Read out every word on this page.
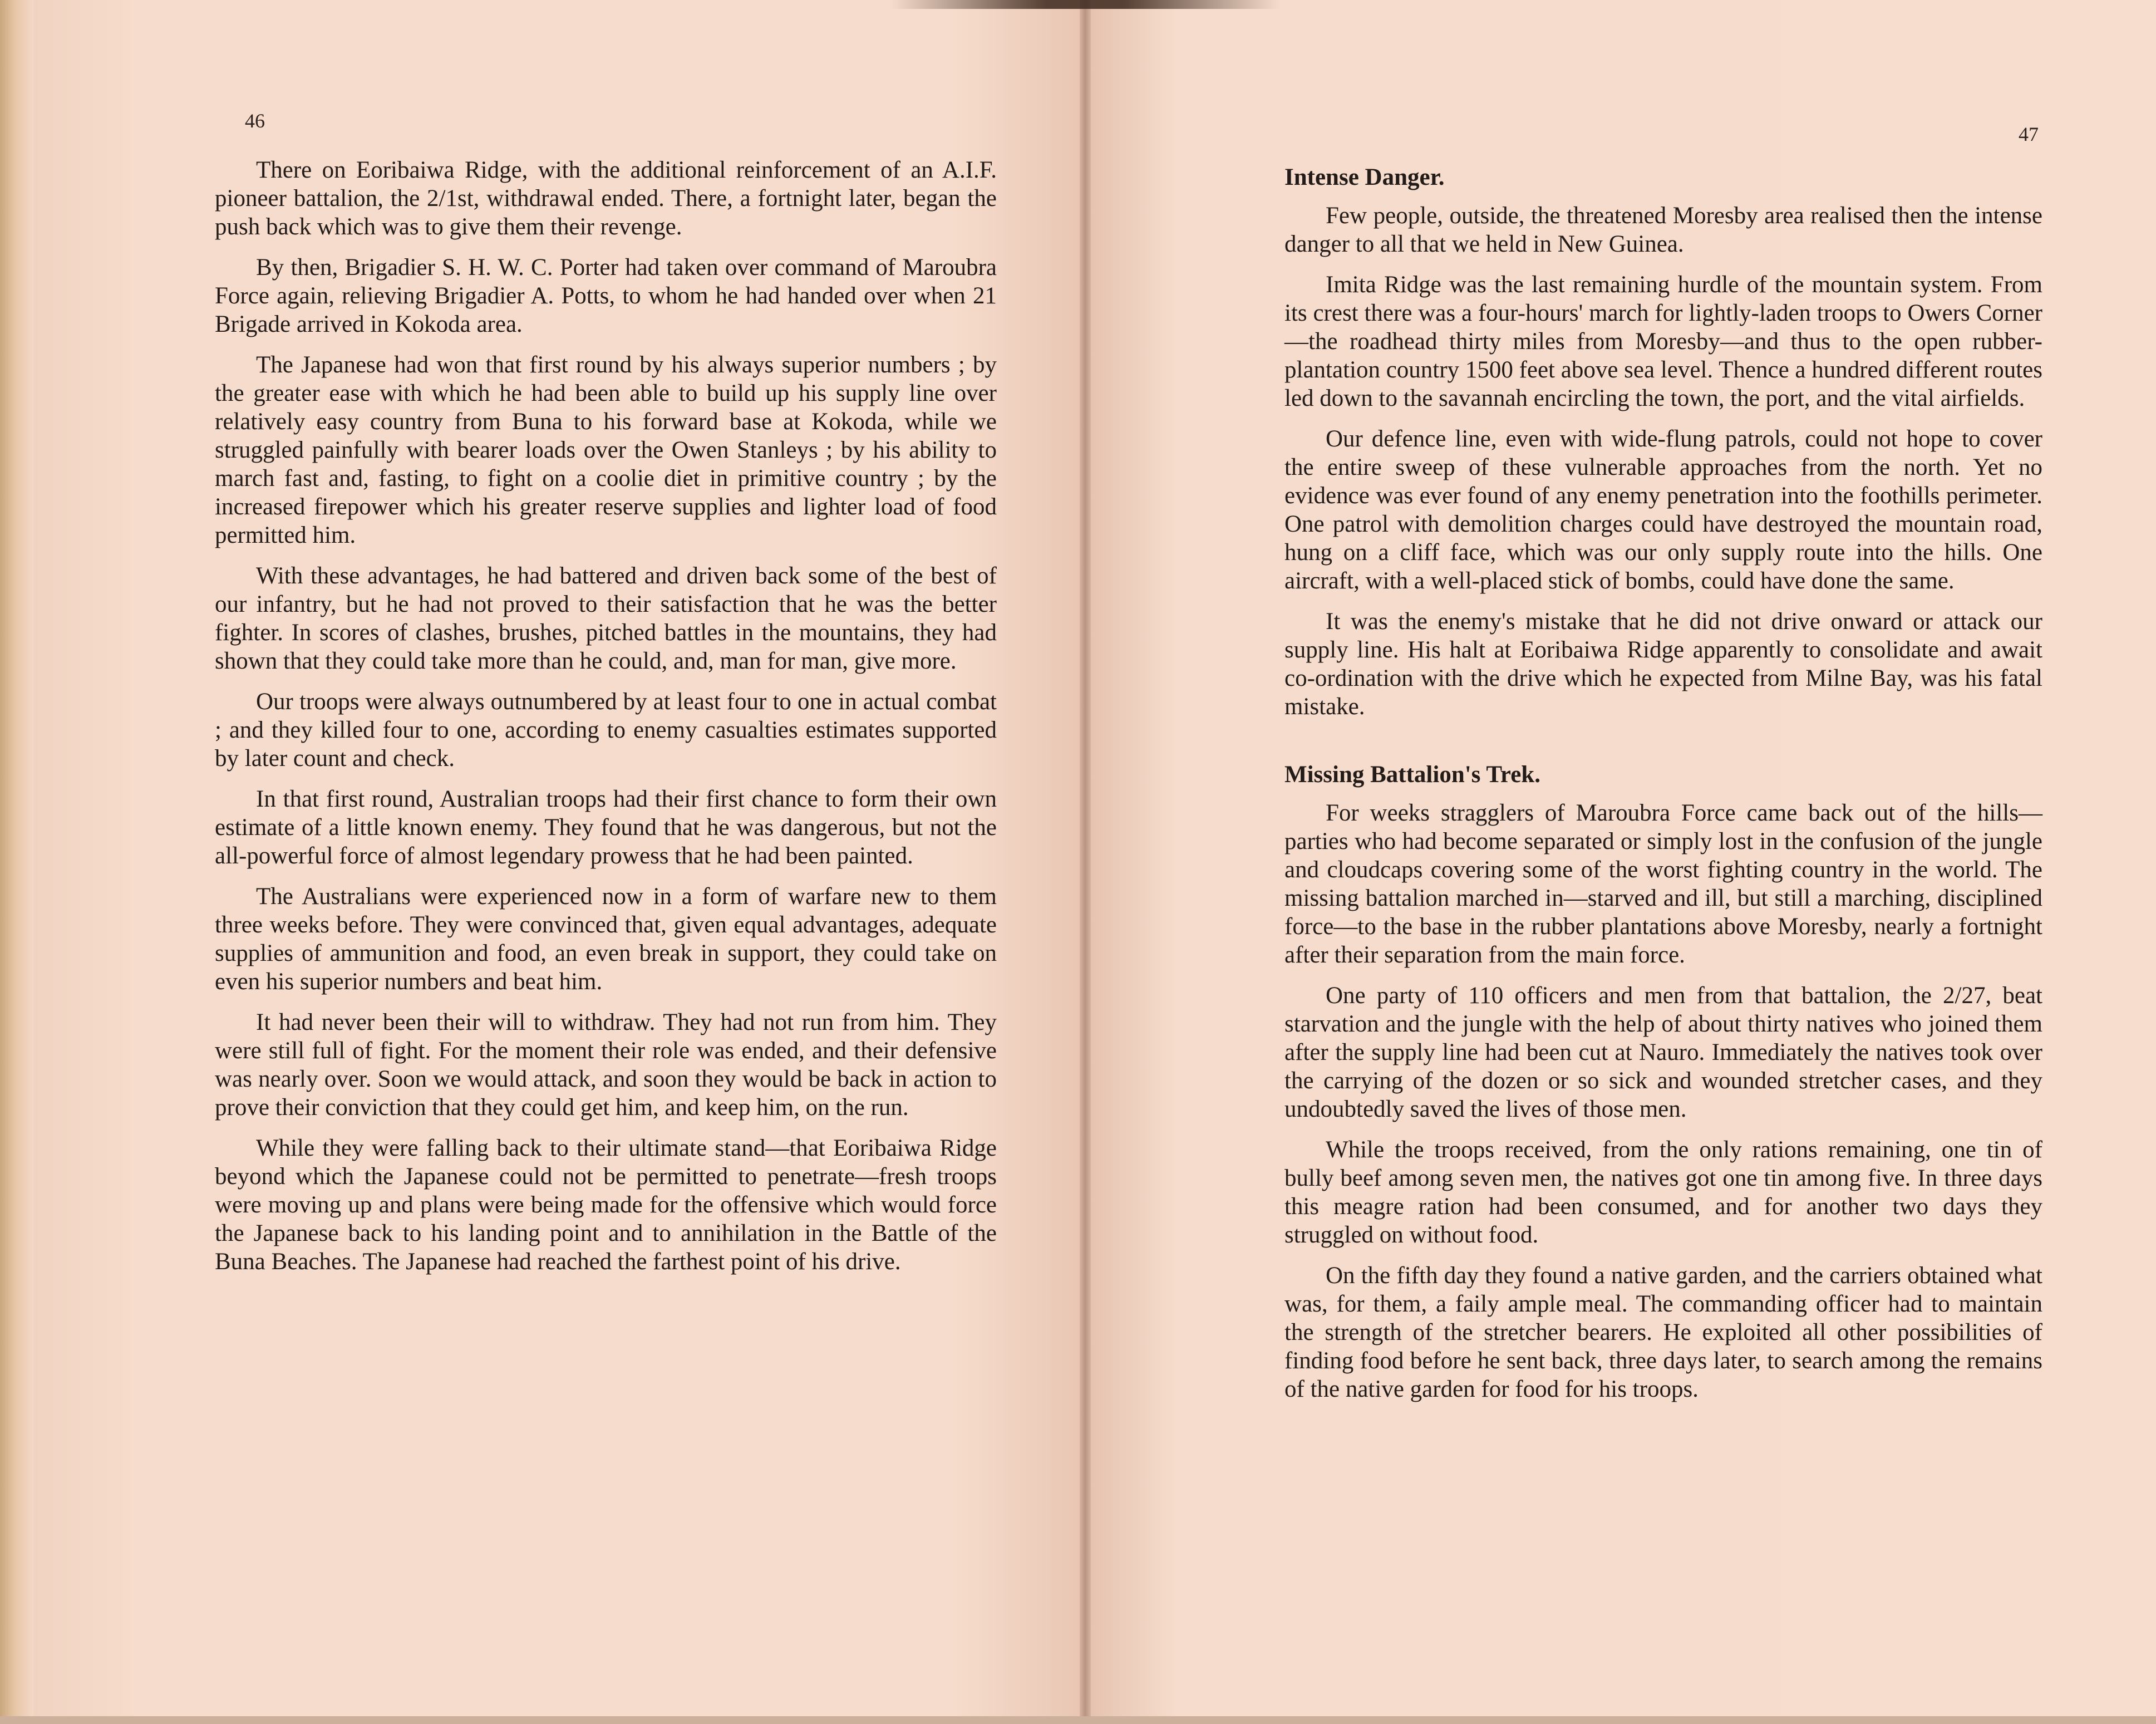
46
47

There on Eoribaiwa Ridge, with the additional reinforcement of an A.I.F. pioneer battalion, the 2/1st, withdrawal ended. There, a fortnight later, began the push back which was to give them their revenge.

By then, Brigadier S. H. W. C. Porter had taken over command of Maroubra Force again, relieving Brigadier A. Potts, to whom he had handed over when 21 Brigade arrived in Kokoda area.

The Japanese had won that first round by his always superior numbers ; by the greater ease with which he had been able to build up his supply line over relatively easy country from Buna to his forward base at Kokoda, while we struggled painfully with bearer loads over the Owen Stanleys ; by his ability to march fast and, fasting, to fight on a coolie diet in primitive country ; by the increased firepower which his greater reserve supplies and lighter load of food permitted him.

With these advantages, he had battered and driven back some of the best of our infantry, but he had not proved to their satisfaction that he was the better fighter. In scores of clashes, brushes, pitched battles in the mountains, they had shown that they could take more than he could, and, man for man, give more.

Our troops were always outnumbered by at least four to one in actual combat ; and they killed four to one, according to enemy casualties estimates supported by later count and check.

In that first round, Australian troops had their first chance to form their own estimate of a little known enemy. They found that he was dangerous, but not the all-powerful force of almost legendary prowess that he had been painted.

The Australians were experienced now in a form of warfare new to them three weeks before. They were convinced that, given equal advantages, adequate supplies of ammunition and food, an even break in support, they could take on even his superior numbers and beat him.

It had never been their will to withdraw. They had not run from him. They were still full of fight. For the moment their role was ended, and their defensive was nearly over. Soon we would attack, and soon they would be back in action to prove their conviction that they could get him, and keep him, on the run.

While they were falling back to their ultimate stand—that Eoribaiwa Ridge beyond which the Japanese could not be permitted to penetrate—fresh troops were moving up and plans were being made for the offensive which would force the Japanese back to his landing point and to annihilation in the Battle of the Buna Beaches. The Japanese had reached the farthest point of his drive.

Intense Danger.

Few people, outside, the threatened Moresby area realised then the intense danger to all that we held in New Guinea.

Imita Ridge was the last remaining hurdle of the mountain system. From its crest there was a four-hours' march for lightly-laden troops to Owers Corner—the roadhead thirty miles from Moresby—and thus to the open rubber-plantation country 1500 feet above sea level. Thence a hundred different routes led down to the savannah encircling the town, the port, and the vital airfields.

Our defence line, even with wide-flung patrols, could not hope to cover the entire sweep of these vulnerable approaches from the north. Yet no evidence was ever found of any enemy penetration into the foothills perimeter. One patrol with demolition charges could have destroyed the mountain road, hung on a cliff face, which was our only supply route into the hills. One aircraft, with a well-placed stick of bombs, could have done the same.

It was the enemy's mistake that he did not drive onward or attack our supply line. His halt at Eoribaiwa Ridge apparently to consolidate and await co-ordination with the drive which he expected from Milne Bay, was his fatal mistake.

Missing Battalion's Trek.

For weeks stragglers of Maroubra Force came back out of the hills—parties who had become separated or simply lost in the confusion of the jungle and cloudcaps covering some of the worst fighting country in the world. The missing battalion marched in—starved and ill, but still a marching, disciplined force—to the base in the rubber plantations above Moresby, nearly a fortnight after their separation from the main force.

One party of 110 officers and men from that battalion, the 2/27, beat starvation and the jungle with the help of about thirty natives who joined them after the supply line had been cut at Nauro. Immediately the natives took over the carrying of the dozen or so sick and wounded stretcher cases, and they undoubtedly saved the lives of those men.

While the troops received, from the only rations remaining, one tin of bully beef among seven men, the natives got one tin among five. In three days this meagre ration had been consumed, and for another two days they struggled on without food.

On the fifth day they found a native garden, and the carriers obtained what was, for them, a faily ample meal. The commanding officer had to maintain the strength of the stretcher bearers. He exploited all other possibilities of finding food before he sent back, three days later, to search among the remains of the native garden for food for his troops.
